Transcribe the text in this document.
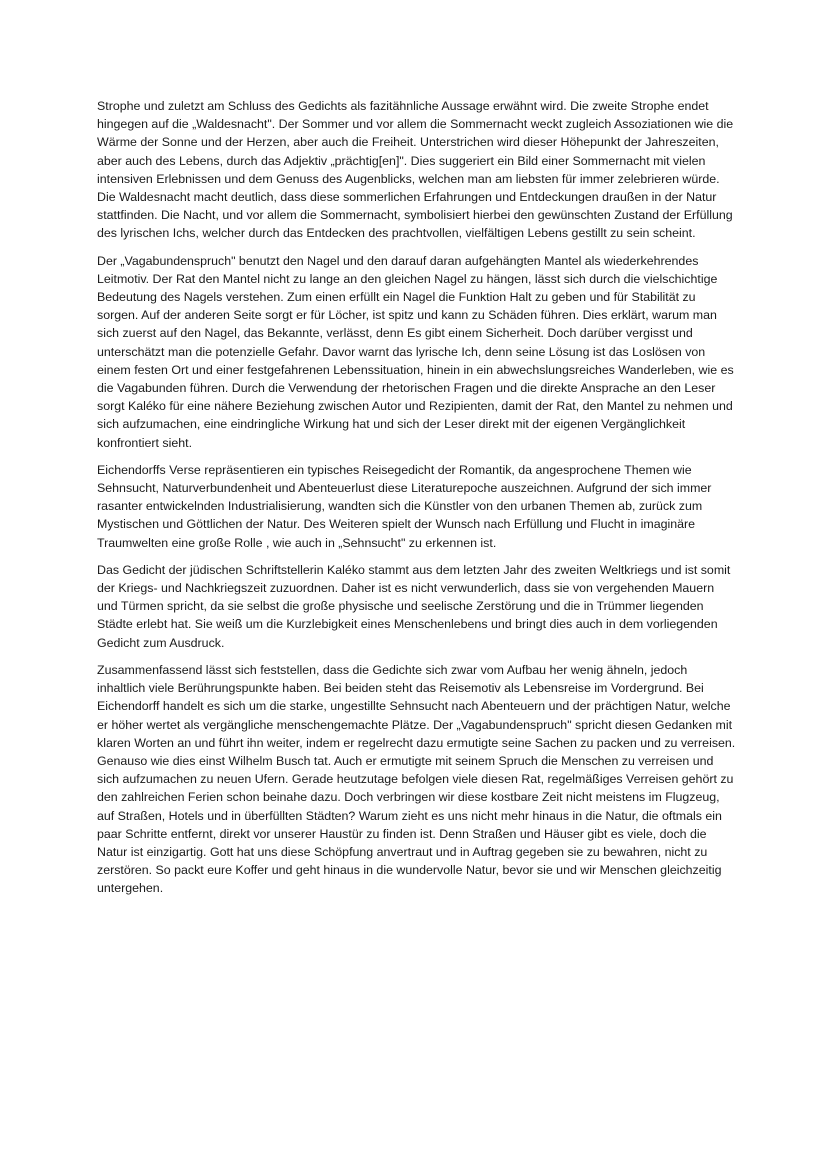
Strophe und zuletzt am Schluss des Gedichts als fazitähnliche Aussage erwähnt wird. Die zweite Strophe endet hingegen auf die „Waldesnacht". Der Sommer und vor allem die Sommernacht weckt zugleich Assoziationen wie die Wärme der Sonne und der Herzen, aber auch die Freiheit. Unterstrichen wird dieser Höhepunkt der Jahreszeiten, aber auch des Lebens, durch das Adjektiv „prächtig[en]". Dies suggeriert ein Bild einer Sommernacht mit vielen intensiven Erlebnissen und dem Genuss des Augenblicks, welchen man am liebsten für immer zelebrieren würde. Die Waldesnacht macht deutlich, dass diese sommerlichen Erfahrungen und Entdeckungen draußen in der Natur stattfinden. Die Nacht, und vor allem die Sommernacht, symbolisiert hierbei den gewünschten Zustand der Erfüllung des lyrischen Ichs, welcher durch das Entdecken des prachtvollen, vielfältigen Lebens gestillt zu sein scheint.

Der „Vagabundenspruch" benutzt den Nagel und den darauf daran aufgehängten Mantel als wiederkehrendes Leitmotiv. Der Rat den Mantel nicht zu lange an den gleichen Nagel zu hängen, lässt sich durch die vielschichtige Bedeutung des Nagels verstehen. Zum einen erfüllt ein Nagel die Funktion Halt zu geben und für Stabilität zu sorgen. Auf der anderen Seite sorgt er für Löcher, ist spitz und kann zu Schäden führen. Dies erklärt, warum man sich zuerst auf den Nagel, das Bekannte, verlässt, denn Es gibt einem Sicherheit. Doch darüber vergisst und unterschätzt man die potenzielle Gefahr. Davor warnt das lyrische Ich, denn seine Lösung ist das Loslösen von einem festen Ort und einer festgefahrenen Lebenssituation, hinein in ein abwechslungsreiches Wanderleben, wie es die Vagabunden führen. Durch die Verwendung der rhetorischen Fragen und die direkte Ansprache an den Leser sorgt Kaléko für eine nähere Beziehung zwischen Autor und Rezipienten, damit der Rat, den Mantel zu nehmen und sich aufzumachen, eine eindringliche Wirkung hat und sich der Leser direkt mit der eigenen Vergänglichkeit konfrontiert sieht.

Eichendorffs Verse repräsentieren ein typisches Reisegedicht der Romantik, da angesprochene Themen wie Sehnsucht, Naturverbundenheit und Abenteuerlust diese Literaturepoche auszeichnen. Aufgrund der sich immer rasanter entwickelnden Industrialisierung, wandten sich die Künstler von den urbanen Themen ab, zurück zum Mystischen und Göttlichen der Natur. Des Weiteren spielt der Wunsch nach Erfüllung und Flucht in imaginäre Traumwelten eine große Rolle , wie auch in „Sehnsucht" zu erkennen ist.

Das Gedicht der jüdischen Schriftstellerin Kaléko stammt aus dem letzten Jahr des zweiten Weltkriegs und ist somit der Kriegs- und Nachkriegszeit zuzuordnen. Daher ist es nicht verwunderlich, dass sie von vergehenden Mauern und Türmen spricht, da sie selbst die große physische und seelische Zerstörung und die in Trümmer liegenden Städte erlebt hat. Sie weiß um die Kurzlebigkeit eines Menschenlebens und bringt dies auch in dem vorliegenden Gedicht zum Ausdruck.

Zusammenfassend lässt sich feststellen, dass die Gedichte sich zwar vom Aufbau her wenig ähneln, jedoch inhaltlich viele Berührungspunkte haben. Bei beiden steht das Reisemotiv als Lebensreise im Vordergrund. Bei Eichendorff handelt es sich um die starke, ungestillte Sehnsucht nach Abenteuern und der prächtigen Natur, welche er höher wertet als vergängliche menschengemachte Plätze. Der „Vagabundenspruch" spricht diesen Gedanken mit klaren Worten an und führt ihn weiter, indem er regelrecht dazu ermutigte seine Sachen zu packen und zu verreisen. Genauso wie dies einst Wilhelm Busch tat. Auch er ermutigte mit seinem Spruch die Menschen zu verreisen und sich aufzumachen zu neuen Ufern. Gerade heutzutage befolgen viele diesen Rat, regelmäßiges Verreisen gehört zu den zahlreichen Ferien schon beinahe dazu. Doch verbringen wir diese kostbare Zeit nicht meistens im Flugzeug, auf Straßen, Hotels und in überfüllten Städten? Warum zieht es uns nicht mehr hinaus in die Natur, die oftmals ein paar Schritte entfernt, direkt vor unserer Haustür zu finden ist. Denn Straßen und Häuser gibt es viele, doch die Natur ist einzigartig. Gott hat uns diese Schöpfung anvertraut und in Auftrag gegeben sie zu bewahren, nicht zu zerstören. So packt eure Koffer und geht hinaus in die wundervolle Natur, bevor sie und wir Menschen gleichzeitig untergehen.
